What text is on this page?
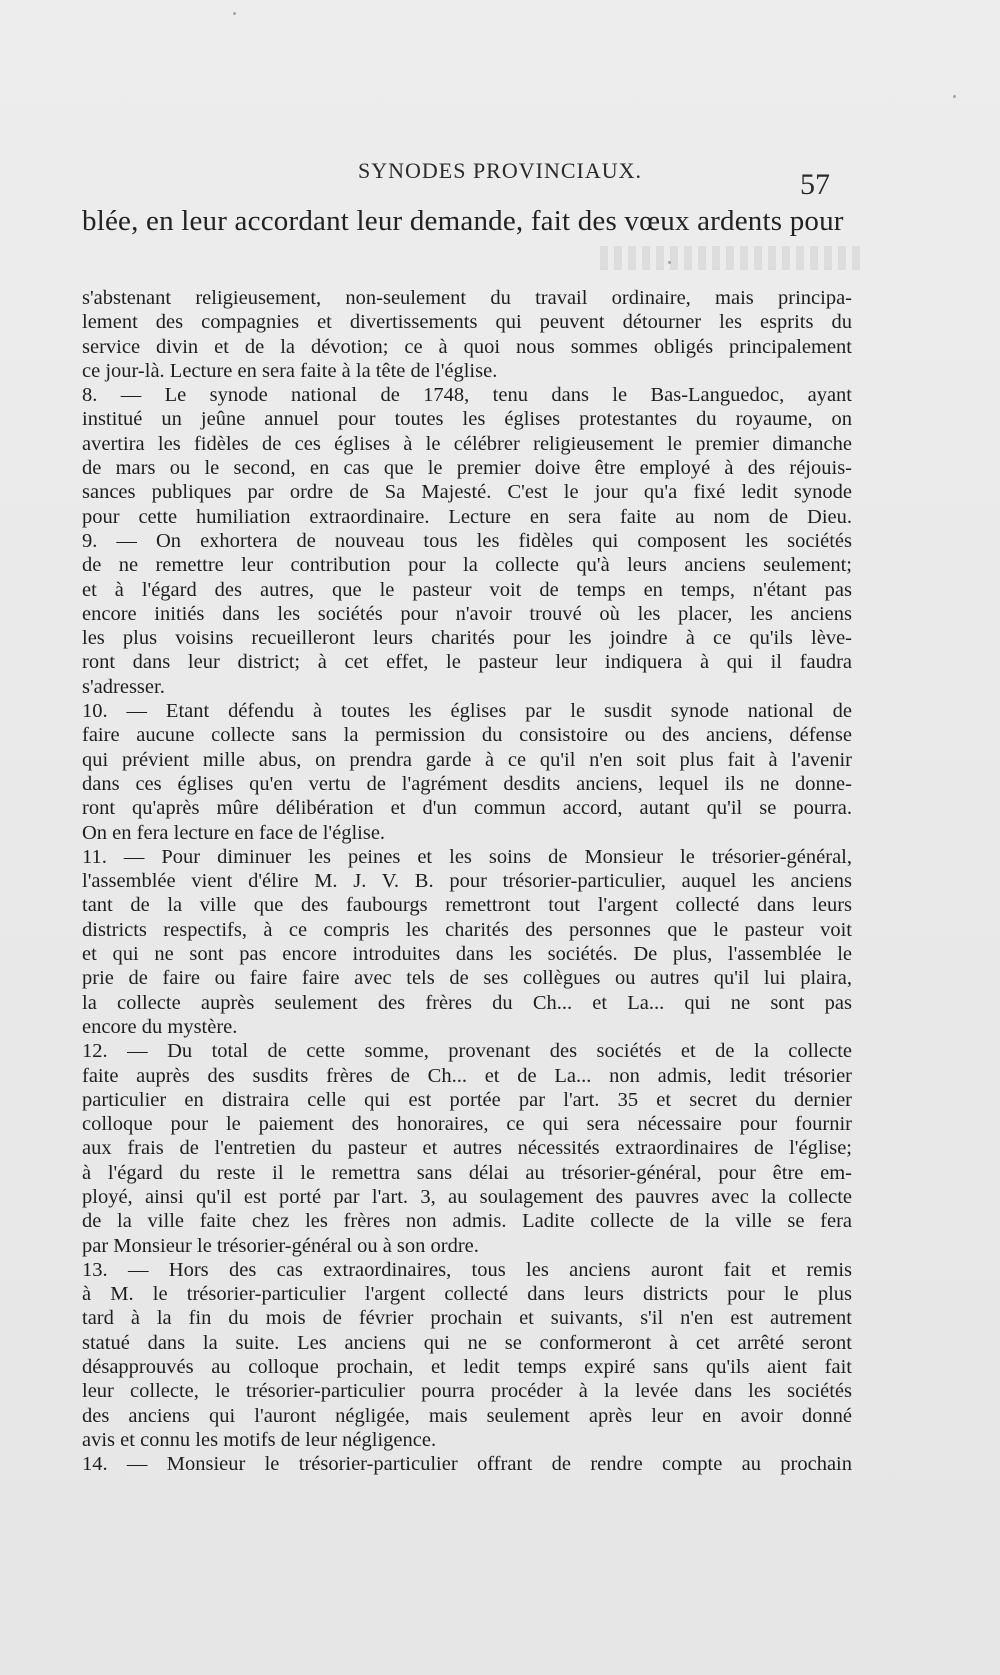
SYNODES PROVINCIAUX.	57
blée, en leur accordant leur demande, fait des vœux ardents pour
s'abstenant religieusement, non-seulement du travail ordinaire, mais principa-
lement des compagnies et divertissements qui peuvent détourner les esprits du
service divin et de la dévotion; ce à quoi nous sommes obligés principalement
ce jour-là. Lecture en sera faite à la tête de l'église.
8. — Le synode national de 1748, tenu dans le Bas-Languedoc, ayant
institué un jeûne annuel pour toutes les églises protestantes du royaume, on
avertira les fidèles de ces églises à le célébrer religieusement le premier dimanche
de mars ou le second, en cas que le premier doive être employé à des réjouis-
sances publiques par ordre de Sa Majesté. C'est le jour qu'a fixé ledit synode
pour cette humiliation extraordinaire. Lecture en sera faite au nom de Dieu.
9. — On exhortera de nouveau tous les fidèles qui composent les sociétés
de ne remettre leur contribution pour la collecte qu'à leurs anciens seulement;
et à l'égard des autres, que le pasteur voit de temps en temps, n'étant pas
encore initiés dans les sociétés pour n'avoir trouvé où les placer, les anciens
les plus voisins recueilleront leurs charités pour les joindre à ce qu'ils lève-
ront dans leur district; à cet effet, le pasteur leur indiquera à qui il faudra
s'adresser.
10. — Etant défendu à toutes les églises par le susdit synode national de
faire aucune collecte sans la permission du consistoire ou des anciens, défense
qui prévient mille abus, on prendra garde à ce qu'il n'en soit plus fait à l'avenir
dans ces églises qu'en vertu de l'agrément desdits anciens, lequel ils ne donne-
ront qu'après mûre délibération et d'un commun accord, autant qu'il se pourra.
On en fera lecture en face de l'église.
11. — Pour diminuer les peines et les soins de Monsieur le trésorier-général,
l'assemblée vient d'élire M. J. V. B. pour trésorier-particulier, auquel les anciens
tant de la ville que des faubourgs remettront tout l'argent collecté dans leurs
districts respectifs, à ce compris les charités des personnes que le pasteur voit
et qui ne sont pas encore introduites dans les sociétés. De plus, l'assemblée le
prie de faire ou faire faire avec tels de ses collègues ou autres qu'il lui plaira,
la collecte auprès seulement des frères du Ch... et La... qui ne sont pas
encore du mystère.
12. — Du total de cette somme, provenant des sociétés et de la collecte
faite auprès des susdits frères de Ch... et de La... non admis, ledit trésorier
particulier en distraira celle qui est portée par l'art. 35 et secret du dernier
colloque pour le paiement des honoraires, ce qui sera nécessaire pour fournir
aux frais de l'entretien du pasteur et autres nécessités extraordinaires de l'église;
à l'égard du reste il le remettra sans délai au trésorier-général, pour être em-
ployé, ainsi qu'il est porté par l'art. 3, au soulagement des pauvres avec la collecte
de la ville faite chez les frères non admis. Ladite collecte de la ville se fera
par Monsieur le trésorier-général ou à son ordre.
13. — Hors des cas extraordinaires, tous les anciens auront fait et remis
à M. le trésorier-particulier l'argent collecté dans leurs districts pour le plus
tard à la fin du mois de février prochain et suivants, s'il n'en est autrement
statué dans la suite. Les anciens qui ne se conformeront à cet arrêté seront
désapprouvés au colloque prochain, et ledit temps expiré sans qu'ils aient fait
leur collecte, le trésorier-particulier pourra procéder à la levée dans les sociétés
des anciens qui l'auront négligée, mais seulement après leur en avoir donné
avis et connu les motifs de leur négligence.
14. — Monsieur le trésorier-particulier offrant de rendre compte au prochain
